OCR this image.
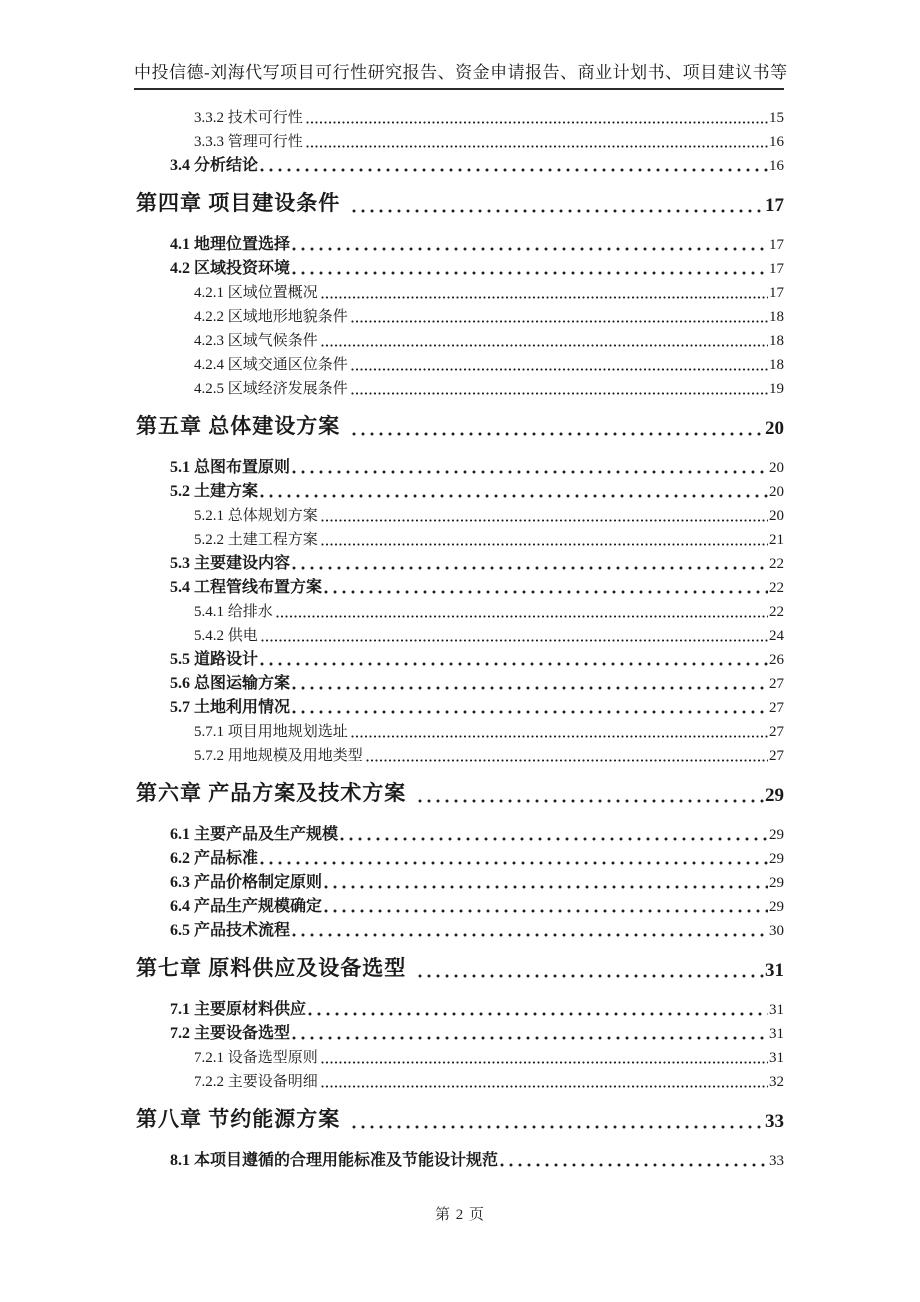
中投信德-刘海 代写项目可行性研究报告、资金申请报告、商业计划书、项目建议书等
3.3.2 技术可行性	15
3.3.3 管理可行性	16
3.4 分析结论	16
第四章 项目建设条件	17
4.1 地理位置选择	17
4.2 区域投资环境	17
4.2.1 区域位置概况	17
4.2.2 区域地形地貌条件	18
4.2.3 区域气候条件	18
4.2.4 区域交通区位条件	18
4.2.5 区域经济发展条件	19
第五章 总体建设方案	20
5.1 总图布置原则	20
5.2 土建方案	20
5.2.1 总体规划方案	20
5.2.2 土建工程方案	21
5.3 主要建设内容	22
5.4 工程管线布置方案	22
5.4.1 给排水	22
5.4.2 供电	24
5.5 道路设计	26
5.6 总图运输方案	27
5.7 土地利用情况	27
5.7.1 项目用地规划选址	27
5.7.2 用地规模及用地类型	27
第六章 产品方案及技术方案	29
6.1 主要产品及生产规模	29
6.2 产品标准	29
6.3 产品价格制定原则	29
6.4 产品生产规模确定	29
6.5 产品技术流程	30
第七章 原料供应及设备选型	31
7.1 主要原材料供应	31
7.2 主要设备选型	31
7.2.1 设备选型原则	31
7.2.2 主要设备明细	32
第八章 节约能源方案	33
8.1 本项目遵循的合理用能标准及节能设计规范	33
第 2 页
